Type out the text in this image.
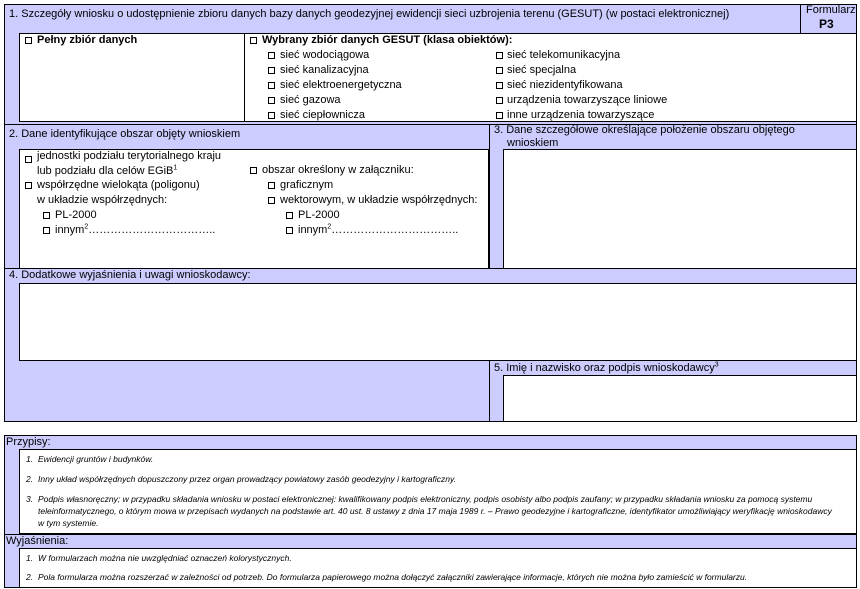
1. Szczegóły wniosku o udostępnienie zbioru danych bazy danych geodezyjnej ewidencji sieci uzbrojenia terenu (GESUT) (w postaci elektronicznej)	Formularz
P3
Pełny zbiór danych	Wybrany zbiór danych GESUT (klasa obiektów):
sieć wodociągowa
sieć kanalizacyjna
sieć elektroenergetyczna
sieć gazowa
sieć ciepłownicza
sieć telekomunikacyjna
sieć specjalna
sieć niezidentyfikowana
urządzenia towarzyszące liniowe
inne urządzenia towarzyszące
2. Dane identyfikujące obszar objęty wnioskiem
jednostki podziału terytorialnego kraju
lub podziału dla celów EGiB$^1$
współrzędne wielokąta (poligonu)
w układzie współrzędnych:
PL-2000
innym$^2$……………………………..
obszar określony w załączniku:
graficznym
wektorowym, w układzie współrzędnych:
PL-2000
innym$^2$……………………………..
3. Dane szczegółowe określające położenie obszaru objętego
wnioskiem
4. Dodatkowe wyjaśnienia i uwagi wnioskodawcy:
5. Imię i nazwisko oraz podpis wnioskodawcy$^3$
Przypisy:
1. Ewidencji gruntów i budynków.
2. Inny układ współrzędnych dopuszczony przez organ prowadzący powiatowy zasób geodezyjny i kartograficzny.
3. Podpis własnoręczny; w przypadku składania wniosku w postaci elektronicznej: kwalifikowany podpis elektroniczny, podpis osobisty albo podpis zaufany; w przypadku składania wniosku za pomocą systemu
teleinformatycznego, o którym mowa w przepisach wydanych na podstawie art. 40 ust. 8 ustawy z dnia 17 maja 1989 r. – Prawo geodezyjne i kartograficzne, identyfikator umożliwiający weryfikację wnioskodawcy
w tym systemie.
Wyjaśnienia:
1. W formularzach można nie uwzględniać oznaczeń kolorystycznych.
2. Pola formularza można rozszerzać w zależności od potrzeb. Do formularza papierowego można dołączyć załączniki zawierające informacje, których nie można było zamieścić w formularzu.
